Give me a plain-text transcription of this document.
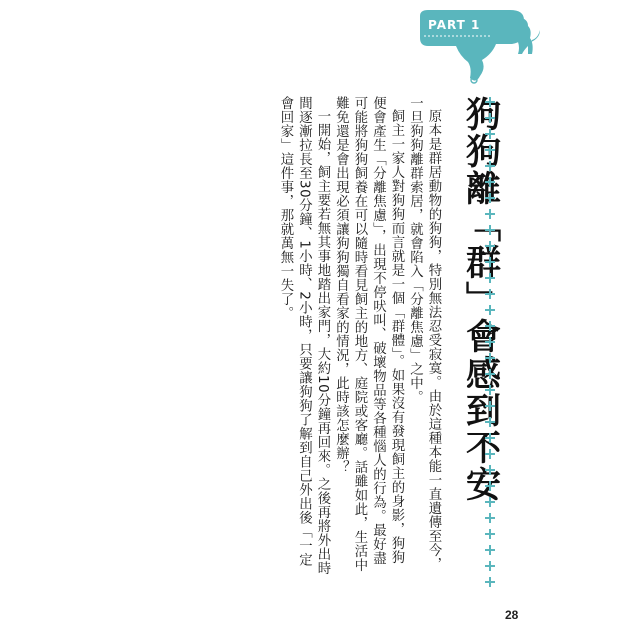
PART 1
狗狗離「群」會感到不安

原本是群居動物的狗狗，特別無法忍受寂寞。由於這種本能一直遺傳至今，一旦狗狗離群索居，就會陷入「分離焦慮」之中。

飼主一家人對狗狗而言就是一個「群體」。如果沒有發現飼主的身影，狗狗便會產生「分離焦慮」，出現不停吠叫、破壞物品等各種惱人的行為。最好盡可能將狗狗飼養在可以隨時看見飼主的地方、庭院或客廳。話雖如此，生活中難免還是會出現必須讓狗狗獨自看家的情況，此時該怎麼辦？

一開始，飼主要若無其事地踏出家門，大約10分鐘再回來。之後再將外出時間逐漸拉長至30分鐘、1小時、2小時，只要讓狗狗了解到自己外出後「一定會回家」這件事，那就萬無一失了。

28
